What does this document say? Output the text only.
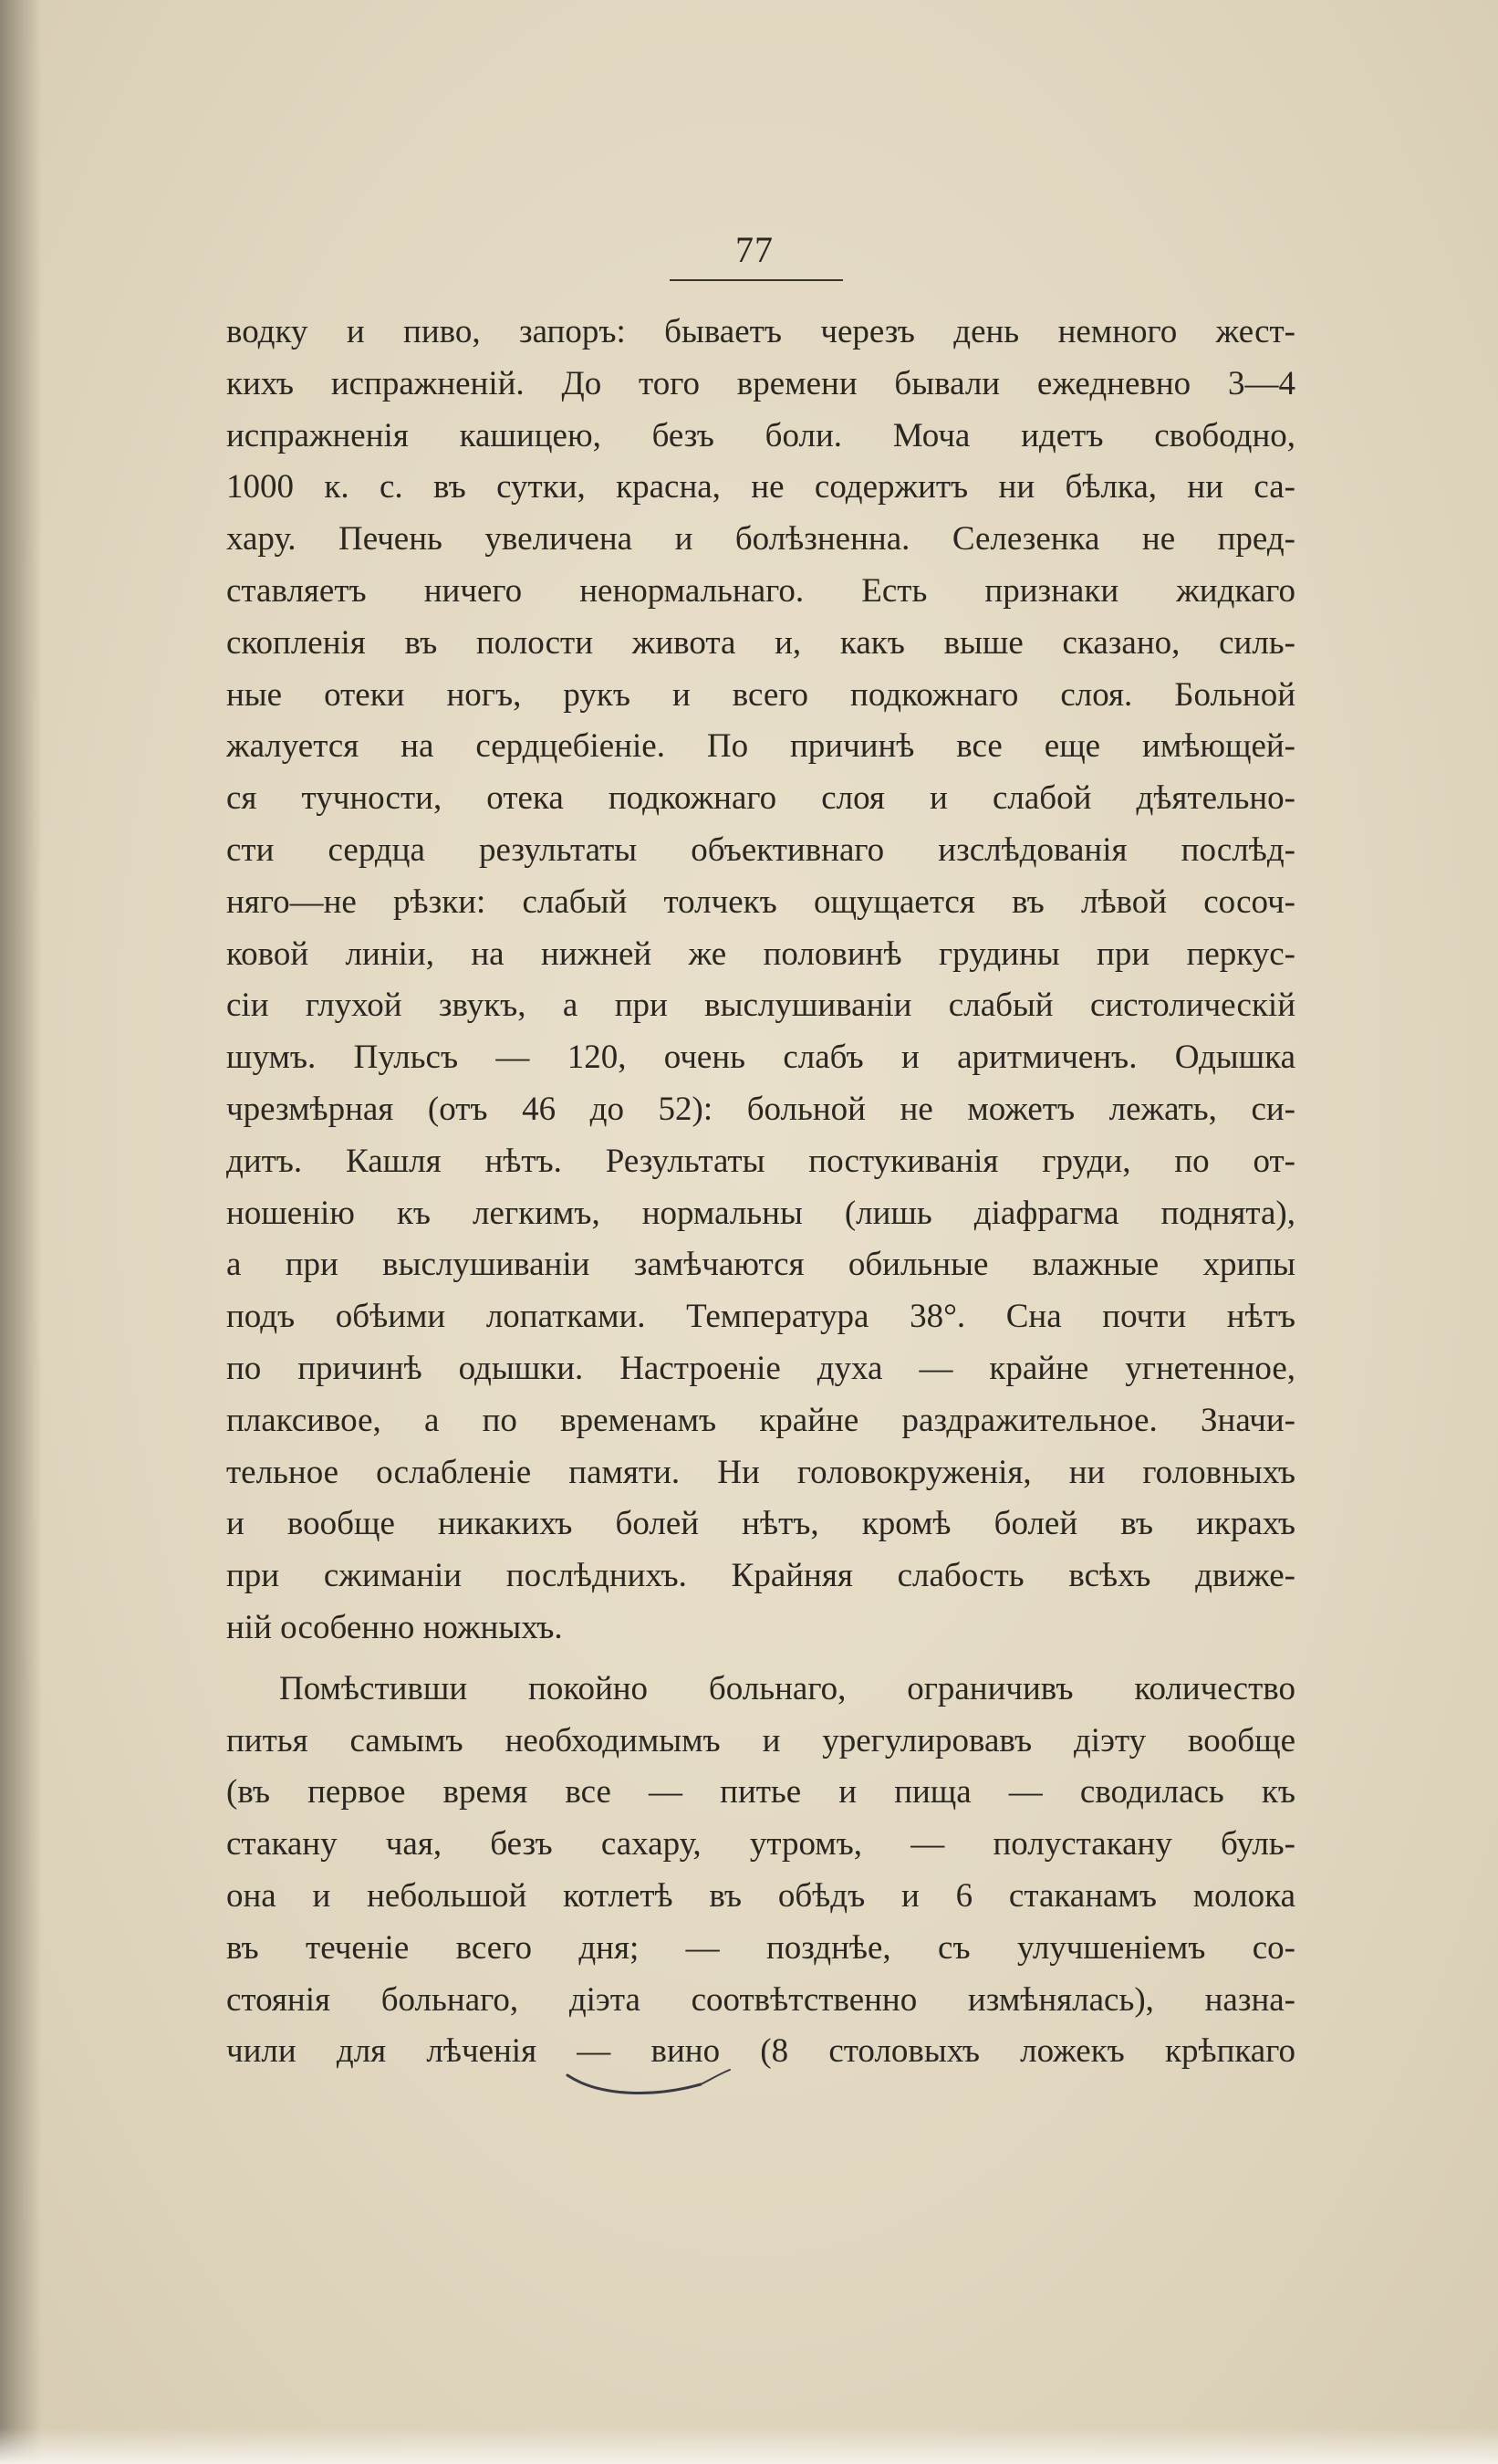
77
водку и пиво, запоръ: бываетъ черезъ день немного жест-
кихъ испражненій. До того времени бывали ежедневно 3—4
испражненія кашицею, безъ боли. Моча идетъ свободно,
1000 к. с. въ сутки, красна, не содержитъ ни бѣлка, ни са-
хару. Печень увеличена и болѣзненна. Селезенка не пред-
ставляетъ ничего ненормальнаго. Есть признаки жидкаго
скопленія въ полости живота и, какъ выше сказано, силь-
ные отеки ногъ, рукъ и всего подкожнаго слоя. Больной
жалуется на сердцебіеніе. По причинѣ все еще имѣющей-
ся тучности, отека подкожнаго слоя и слабой дѣятельно-
сти сердца результаты объективнаго изслѣдованія послѣд-
няго—не рѣзки: слабый толчекъ ощущается въ лѣвой сосоч-
ковой линіи, на нижней же половинѣ грудины при перкус-
сіи глухой звукъ, а при выслушиваніи слабый систолическій
шумъ. Пульсъ — 120, очень слабъ и аритмиченъ. Одышка
чрезмѣрная (отъ 46 до 52): больной не можетъ лежать, си-
дитъ. Кашля нѣтъ. Результаты постукиванія груди, по от-
ношенію къ легкимъ, нормальны (лишь діафрагма поднята),
а при выслушиваніи замѣчаются обильные влажные хрипы
подъ обѣими лопатками. Температура 38°. Сна почти нѣтъ
по причинѣ одышки. Настроеніе духа — крайне угнетенное,
плаксивое, а по временамъ крайне раздражительное. Значи-
тельное ослабленіе памяти. Ни головокруженія, ни головныхъ
и вообще никакихъ болей нѣтъ, кромѣ болей въ икрахъ
при сжиманіи послѣднихъ. Крайняя слабость всѣхъ движе-
ній особенно ножныхъ.
Помѣстивши покойно больнаго, ограничивъ количество
питья самымъ необходимымъ и урегулировавъ діэту вообще
(въ первое время все — питье и пища — сводилась къ
стакану чая, безъ сахару, утромъ, — полустакану буль-
она и небольшой котлетѣ въ обѣдъ и 6 стаканамъ молока
въ теченіе всего дня; — позднѣе, съ улучшеніемъ со-
стоянія больнаго, діэта соотвѣтственно измѣнялась), назна-
чили для лѣченія — вино (8 столовыхъ ложекъ крѣпкаго
